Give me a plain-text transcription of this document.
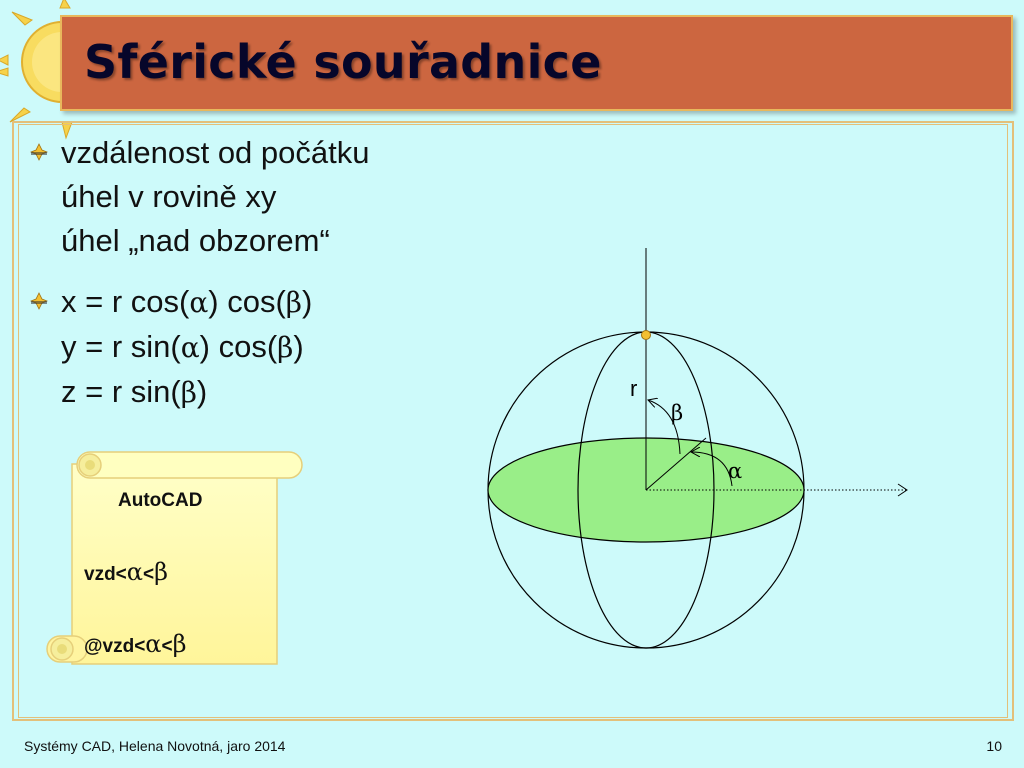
Sférické souřadnice
vzdálenost od počátku
úhel v rovině xy
úhel „nad obzorem“
x = r cos(α) cos(β)
y = r sin(α) cos(β)
z = r sin(β)
AutoCAD
vzd<α<β
@vzd<α<β
r
β
α
Systémy CAD, Helena Novotná, jaro 2014	10
